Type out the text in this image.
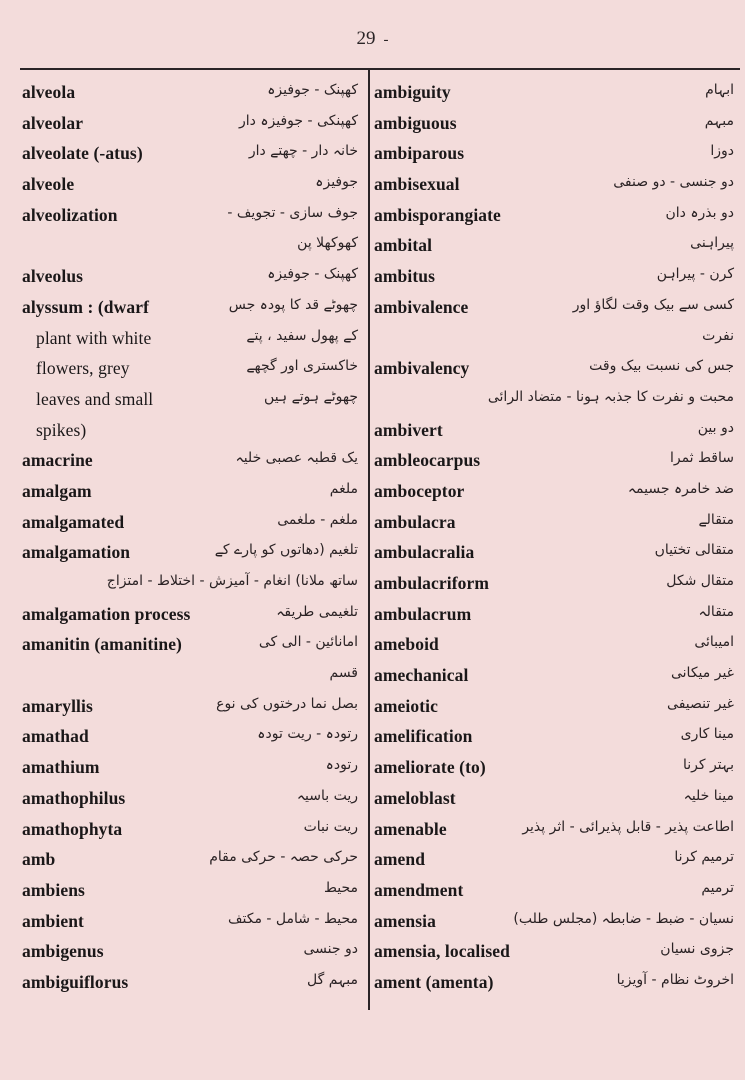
29 -
alveola	کھپنک - جوفیزہ
alveolar	کھپنکی - جوفیزہ دار
alveolate (-atus)	خانہ دار - چھتے دار
alveole	جوفیزہ
alveolization	جوف سازی - تجویف -
کھوکھلا پن
alveolus	کھپنک - جوفیزہ
alyssum : (dwarf	چھوٹے قد کا پودہ جس
plant with white	کے پھول سفید ، پتے
flowers, grey	خاکستری اور گچھے
leaves and small	چھوٹے ہوتے ہیں
spikes)
amacrine	یک قطبہ عصبی خلیہ
amalgam	ملغم
amalgamated	ملغم - ملغمی
amalgamation	تلغیم (دھاتوں کو پارے کے
ساتھ ملانا) انغام - آمیزش - اختلاط - امتزاج
amalgamation process	تلغیمی طریقہ
amanitin (amanitine)	امانائین - الی کی
قسم
amaryllis	بصل نما درختوں کی نوع
amathad	رتودہ - ریت تودہ
amathium	رتودہ
amathophilus	ریت باسیہ
amathophyta	ریت نبات
amb	حرکی حصہ - حرکی مقام
ambiens	محیط
ambient	محیط - شامل - مکتف
ambigenus	دو جنسی
ambiguiflorus	مبہم گل
ambiguity	ابہام
ambiguous	مبہم
ambiparous	دوزا
ambisexual	دو جنسی - دو صنفی
ambisporangiate	دو بذرہ دان
ambital	پیراہنی
ambitus	کرن - پیراہن
ambivalence	کسی سے بیک وقت لگاؤ اور
نفرت
ambivalency	جس کی نسبت بیک وقت
محبت و نفرت کا جذبہ ہونا - متضاد الرائی
ambivert	دو بین
ambleocarpus	ساقط ثمرا
amboceptor	ضد خامرہ جسیمہ
ambulacra	متقالے
ambulacralia	متقالی تختیاں
ambulacriform	متقال شکل
ambulacrum	متقالہ
ameboid	امیبائی
amechanical	غیر میکانی
ameiotic	غیر تنصیفی
amelification	مینا کاری
ameliorate (to)	بہتر کرنا
ameloblast	مینا خلیہ
amenable	اطاعت پذیر - قابل پذیرائی - اثر پذیر
amend	ترمیم کرنا
amendment	ترمیم
amensia	نسیان - ضبط - ضابطہ (مجلس طلب)
amensia, localised	جزوی نسیان
ament (amenta)	اخروٹ نظام - آویزیا
